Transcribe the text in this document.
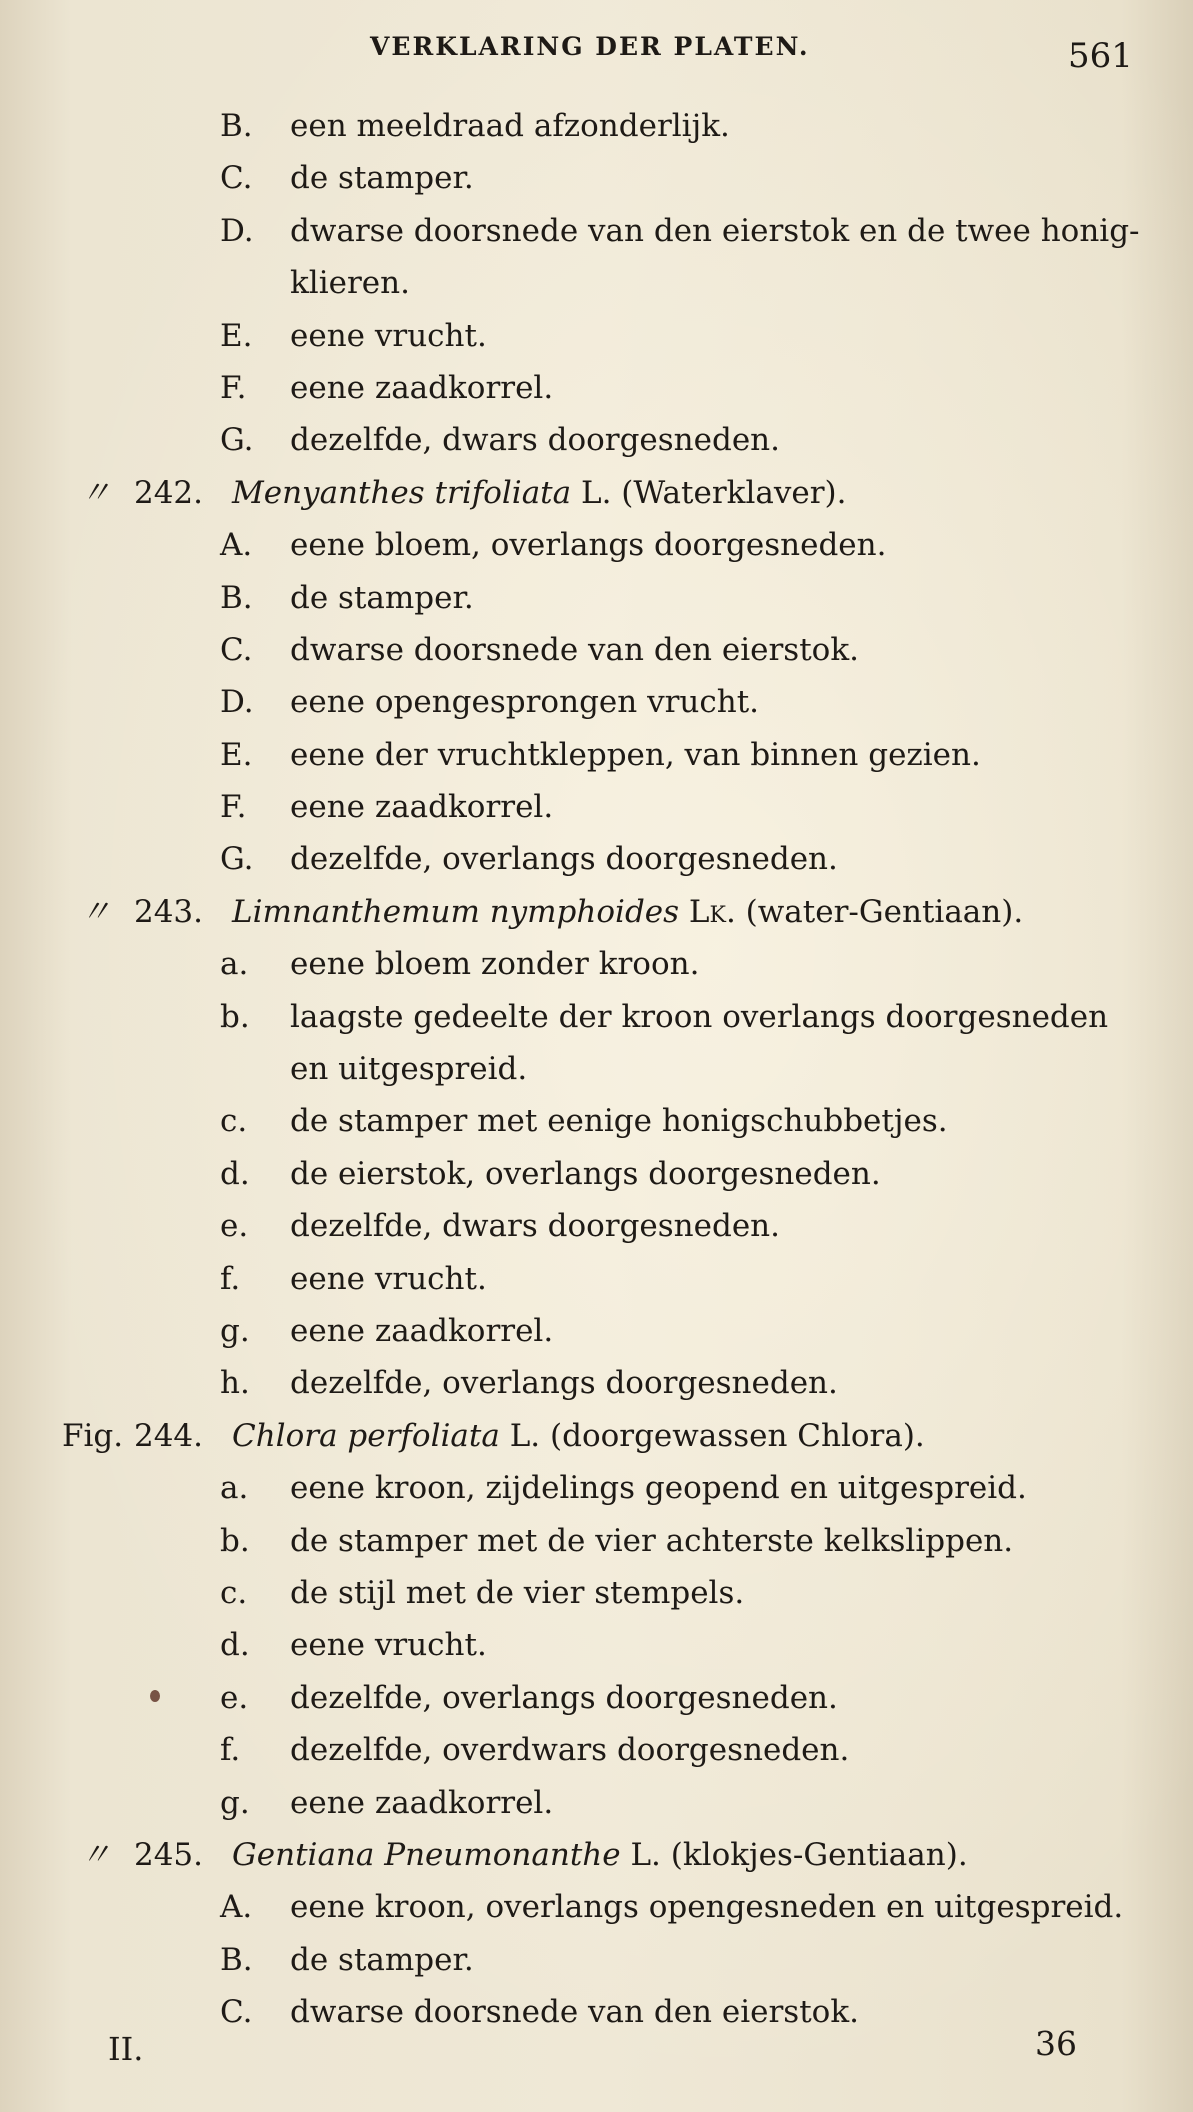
VERKLARING DER PLATEN.	561
B.	een meeldraad afzonderlijk.
C.	de stamper.
D.	dwarse doorsnede van den eierstok en de twee honig-
klieren.
E.	eene vrucht.
F.	eene zaadkorrel.
G.	dezelfde, dwars doorgesneden.
〃 242. Menyanthes trifoliata L. (Waterklaver).
A.	eene bloem, overlangs doorgesneden.
B.	de stamper.
C.	dwarse doorsnede van den eierstok.
D.	eene opengesprongen vrucht.
E.	eene der vruchtkleppen, van binnen gezien.
F.	eene zaadkorrel.
G.	dezelfde, overlangs doorgesneden.
〃 243. Limnanthemum nymphoides Lk. (water-Gentiaan).
a.	eene bloem zonder kroon.
b.	laagste gedeelte der kroon overlangs doorgesneden
en uitgespreid.
c.	de stamper met eenige honigschubbetjes.
d.	de eierstok, overlangs doorgesneden.
e.	dezelfde, dwars doorgesneden.
f.	eene vrucht.
g.	eene zaadkorrel.
h.	dezelfde, overlangs doorgesneden.
Fig. 244. Chlora perfoliata L. (doorgewassen Chlora).
a.	eene kroon, zijdelings geopend en uitgespreid.
b.	de stamper met de vier achterste kelkslippen.
c.	de stijl met de vier stempels.
d.	eene vrucht.
e.	dezelfde, overlangs doorgesneden.
f.	dezelfde, overdwars doorgesneden.
g.	eene zaadkorrel.
〃 245. Gentiana Pneumonanthe L. (klokjes-Gentiaan).
A.	eene kroon, overlangs opengesneden en uitgespreid.
B.	de stamper.
C.	dwarse doorsnede van den eierstok.
II.	36
